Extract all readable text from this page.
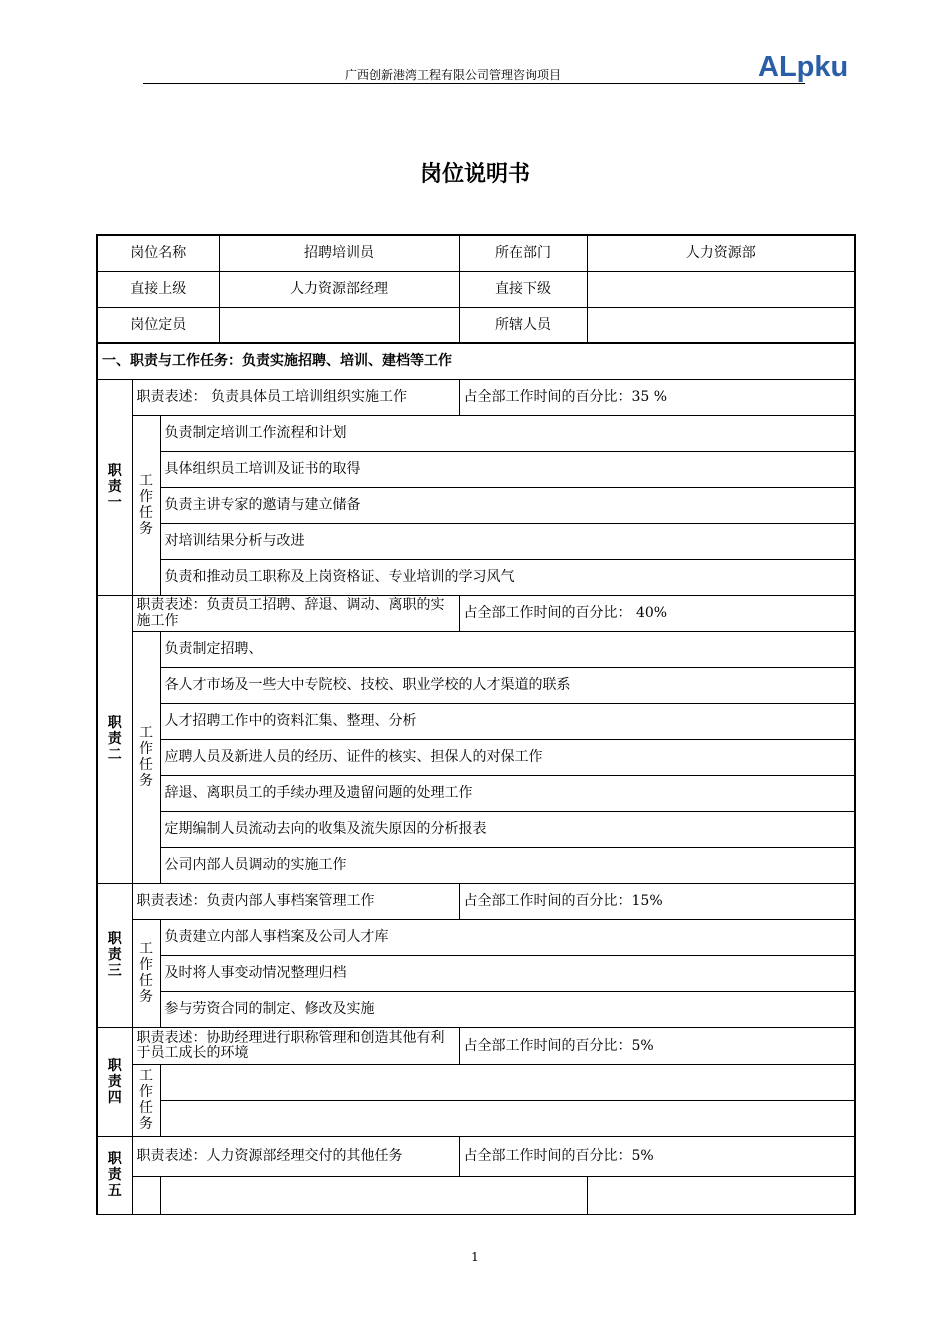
广西创新港湾工程有限公司管理咨询项目	ALpku
岗位说明书
岗位名称			招聘培训员	所在部门	人力资源部
直接上级			人力资源部经理	直接下级	
岗位定员				所辖人员	
一、职责与工作任务：负责实施招聘、培训、建档等工作					

职
责
一	职责表述： 负责具体员工培训组织实施工作			占全部工作时间的百分比：35 %	

	工
作
任
务	负责制定培训工作流程和计划			
		具体组织员工培训及证书的取得			
		负责主讲专家的邀请与建立储备			
		对培训结果分析与改进			
		负责和推动员工职称及上岗资格证、专业培训的学习风气			

职
责
二	职责表述：负责员工招聘、辞退、调动、离职的实施工作			占全部工作时间的百分比： 40%	

	工
作
任
务	负责制定招聘、			
		各人才市场及一些大中专院校、技校、职业学校的人才渠道的联系			
		人才招聘工作中的资料汇集、整理、分析			
		应聘人员及新进人员的经历、证件的核实、担保人的对保工作			
		辞退、离职员工的手续办理及遗留问题的处理工作			
		定期编制人员流动去向的收集及流失原因的分析报表			
		公司内部人员调动的实施工作			

职
责
三	职责表述：负责内部人事档案管理工作			占全部工作时间的百分比：15%	

	工
作
任
务	负责建立内部人事档案及公司人才库			
		及时将人事变动情况整理归档			
		参与劳资合同的制定、修改及实施			

职
责
四	职责表述：协助经理进行职称管理和创造其他有利于员工成长的环境			占全部工作时间的百分比：5%	

	工
作
任
务				

职
责
五	职责表述：人力资源部经理交付的其他任务			占全部工作时间的百分比：5%	

1
